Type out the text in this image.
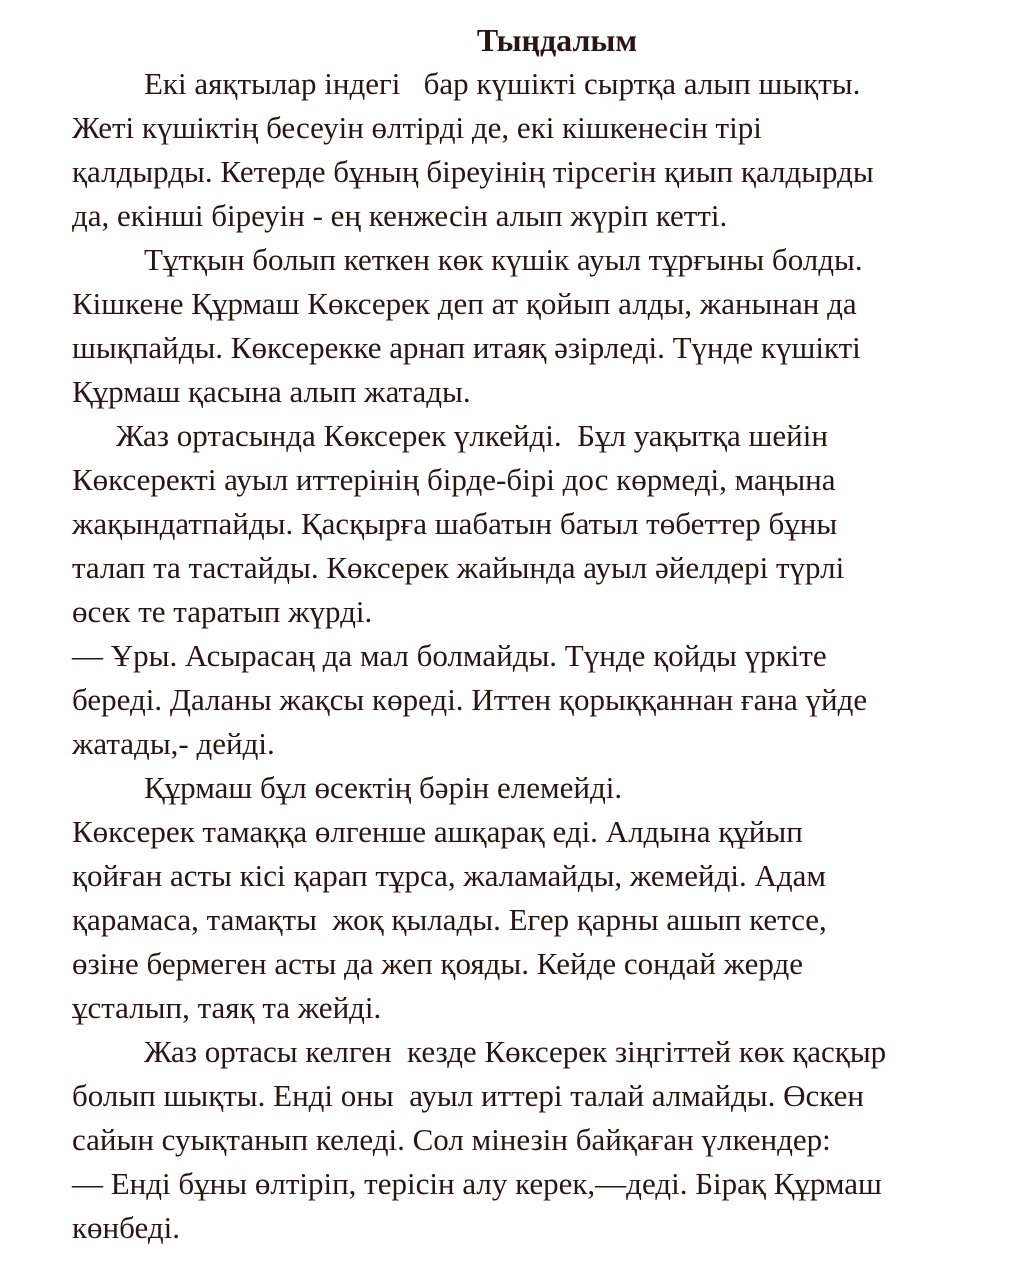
Тыңдалым
Екі аяқтылар індегі   бар күшікті сыртқа алып шықты.
Жеті күшіктің бесеуін өлтірді де, екі кішкенесін тірі
қалдырды. Кетерде бұның біреуінің тірсегін қиып қалдырды
да, екінші біреуін - ең кенжесін алып жүріп кетті.
Тұтқын болып кеткен көк күшік ауыл тұрғыны болды.
Кішкене Құрмаш Көксерек деп ат қойып алды, жанынан да
шықпайды. Көксерекке арнап итаяқ әзірледі. Түнде күшікті
Құрмаш қасына алып жатады.
Жаз ортасында Көксерек үлкейді.  Бұл уақытқа шейін
Көксеректі ауыл иттерінің бірде-бірі дос көрмеді, маңына
жақындатпайды. Қасқырға шабатын батыл төбеттер бұны
талап та тастайды. Көксерек жайында ауыл әйелдері түрлі
өсек те таратып жүрді.
— Ұры. Асырасаң да мал болмайды. Түнде қойды үркіте
береді. Даланы жақсы көреді. Иттен қорыққаннан ғана үйде
жатады,- дейді.
Құрмаш бұл өсектің бәрін елемейді.
Көксерек тамаққа өлгенше ашқарақ еді. Алдына құйып
қойған асты кісі қарап тұрса, жаламайды, жемейді. Адам
қарамаса, тамақты  жоқ қылады. Егер қарны ашып кетсе,
өзіне бермеген асты да жеп қояды. Кейде сондай жерде
ұсталып, таяқ та жейді.
Жаз ортасы келген  кезде Көксерек зіңгіттей көк қасқыр
болып шықты. Енді оны  ауыл иттері талай алмайды. Өскен
сайын суықтанып келеді. Сол мінезін байқаған үлкендер:
— Енді бұны өлтіріп, терісін алу керек,—деді. Бірақ Құрмаш
көнбеді.
